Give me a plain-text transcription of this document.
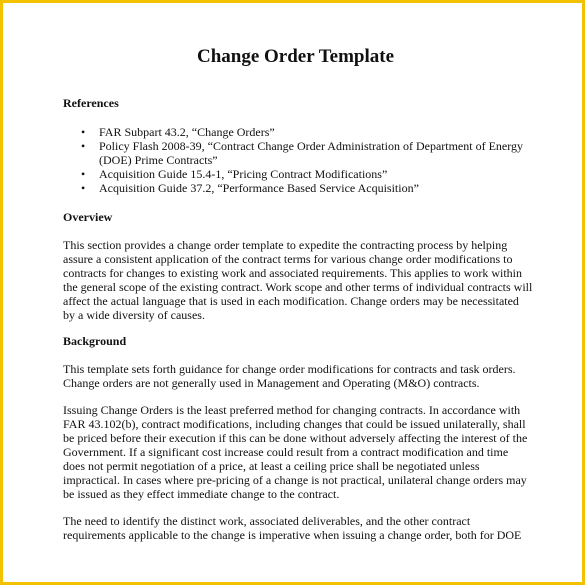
Change Order Template
References
• FAR Subpart 43.2, “Change Orders”
• Policy Flash 2008-39, “Contract Change Order Administration of Department of Energy (DOE) Prime Contracts”
• Acquisition Guide 15.4-1, “Pricing Contract Modifications”
• Acquisition Guide 37.2, “Performance Based Service Acquisition”
Overview

This section provides a change order template to expedite the contracting process by helping assure a consistent application of the contract terms for various change order modifications to contracts for changes to existing work and associated requirements. This applies to work within the general scope of the existing contract. Work scope and other terms of individual contracts will affect the actual language that is used in each modification. Change orders may be necessitated by a wide diversity of causes.

Background

This template sets forth guidance for change order modifications for contracts and task orders. Change orders are not generally used in Management and Operating (M&O) contracts.

Issuing Change Orders is the least preferred method for changing contracts. In accordance with FAR 43.102(b), contract modifications, including changes that could be issued unilaterally, shall be priced before their execution if this can be done without adversely affecting the interest of the Government. If a significant cost increase could result from a contract modification and time does not permit negotiation of a price, at least a ceiling price shall be negotiated unless impractical. In cases where pre-pricing of a change is not practical, unilateral change orders may be issued as they effect immediate change to the contract.

The need to identify the distinct work, associated deliverables, and the other contract requirements applicable to the change is imperative when issuing a change order, both for DOE
